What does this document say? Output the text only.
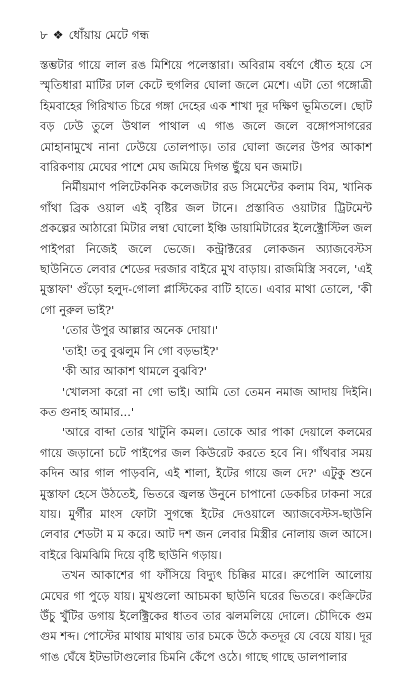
৮ ❖ ধোঁয়ায় মেটে গন্ধ

স্তম্ভটার গায়ে লাল রঙ মিশিয়ে পলেস্তারা। অবিরাম বর্ষণে ধৌত হয়ে সে স্মৃতিধারা মাটির ঢাল কেটে হুগলির ঘোলা জলে মেশে। এটা তো গঙ্গোত্রী হিমবাহের গিরিখাত চিরে গঙ্গা দেহের এক শাখা দূর দক্ষিণ ভূমিতলে। ছোট বড় ঢেউ তুলে উথাল পাথাল এ গাঙ জলে জলে বঙ্গোপসাগরের মোহানামুখে নানা ঢেউয়ে তোলপাড়। তার ঘোলা জলের উপর আকাশ বারিকণায় মেঘের পাশে মেঘ জমিয়ে দিগন্ত ছুঁয়ে ঘন জমাট।

নির্মীয়মাণ পলিটেকনিক কলেজটার রড সিমেন্টের কলাম বিম, খানিক গাঁথা ব্রিক ওয়াল এই বৃষ্টির জল টানে। প্রস্তাবিত ওয়াটার ট্রিটমেন্ট প্রকল্পের আঠারো মিটার লম্বা ঘোলো ইঞ্চি ডায়ামিটারের ইলেক্ট্রোস্টিল জল পাইপরা নিজেই জলে ভেজে। কন্ট্রাক্টরের লোকজন অ্যাজবেস্টস ছাউনিতে লেবার শেডের দরজার বাইরে মুখ বাড়ায়। রাজমিস্ত্রি সবলে, 'এই মুস্তাফা' গুঁড়ো হলুদ-গোলা প্লাস্টিকের বাটি হাতে। এবার মাথা তোলে, 'কী গো নুরুল ভাই?'

'তোর উপুর আল্লার অনেক দোয়া।'

'তাই! তবু বুঝলুম নি গো বড়ভাই?'

'কী আর আকাশ থামলে বুঝবি?'

'খোলসা করো না গো ভাই। আমি তো তেমন নমাজ আদায় দিইনি। কত গুনাহ আমার...'

'আরে বাব্দা তোর খাটুনি কমল। তোকে আর পাকা দেয়ালে কলমের গায়ে জড়ানো চটে পাইপের জল কিউরেট করতে হবে নি। গাঁথবার সময় কদিন আর গাল পাড়বনি, এই শালা, ইটের গায়ে জল দে?' এটুকু শুনে মুস্তাফা হেসে উঠতেই, ভিতরে জ্বলন্ত উনুনে চাপানো ডেকচির ঢাকনা সরে যায়। মুর্গীর মাংস ফোটা সুগন্ধে ইটের দেওয়ালে অ্যাজবেস্টস-ছাউনি লেবার শেডটা ম ম করে। আট দশ জন লেবার মিস্ত্রীর নোলায় জল আসে। বাইরে ঝিমঝিমি দিয়ে বৃষ্টি ছাউনি গড়ায়।

তখন আকাশের গা ফাঁসিয়ে বিদ্যুৎ চিক্কির মারে। রুপোলি আলোয় মেঘের গা পুড়ে যায়। মুখগুলো আচমকা ছাউনি ঘরের ভিতরে। কংক্রিটের উঁচু খুঁটির ডগায় ইলেক্ট্রিকের ধাতব তার ঝলমলিয়ে দোলে। চৌদিকে গুম গুম শব্দ। পোস্টের মাথায় মাথায় তার চমকে উঠে কতদূর যে বেয়ে যায়। দূর গাঙ ঘেঁষে ইটভাটাগুলোর চিমনি কেঁপে ওঠে। গাছে গাছে ডালপালার
